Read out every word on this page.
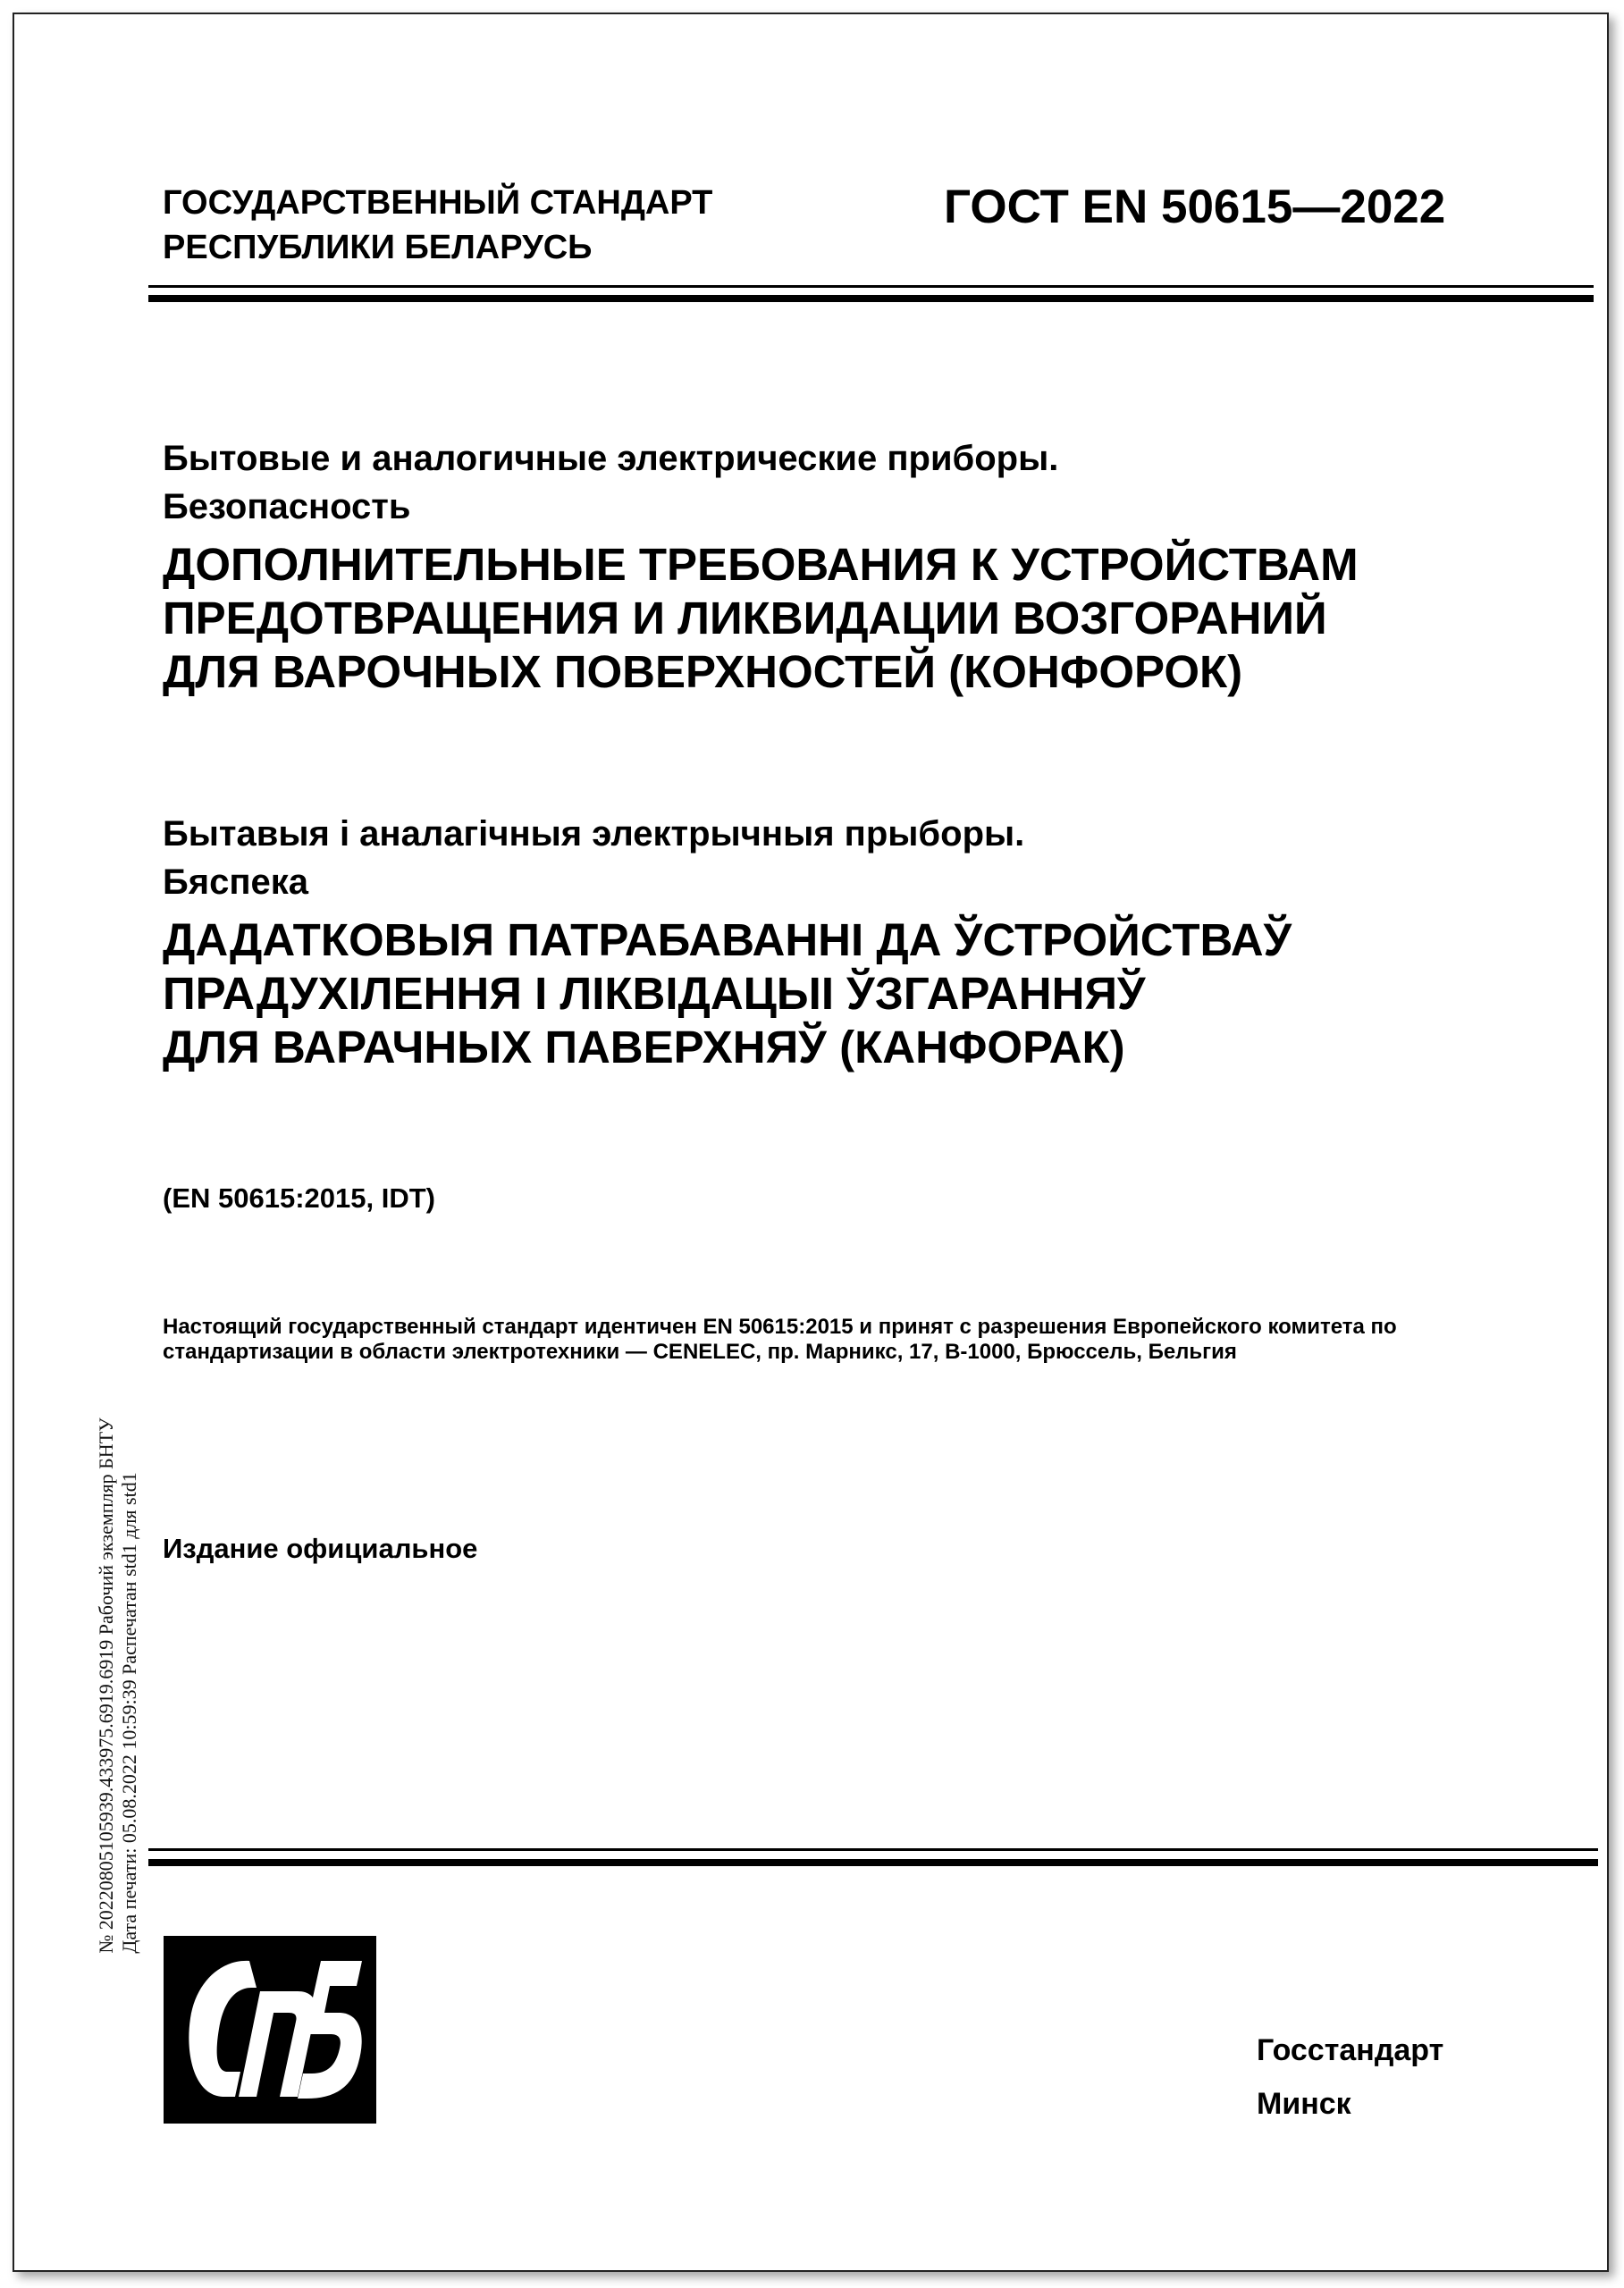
ГОСУДАРСТВЕННЫЙ СТАНДАРТ
РЕСПУБЛИКИ БЕЛАРУСЬ
ГОСТ EN 50615—2022
Бытовые и аналогичные электрические приборы.
Безопасность
ДОПОЛНИТЕЛЬНЫЕ ТРЕБОВАНИЯ К УСТРОЙСТВАМ
ПРЕДОТВРАЩЕНИЯ И ЛИКВИДАЦИИ ВОЗГОРАНИЙ
ДЛЯ ВАРОЧНЫХ ПОВЕРХНОСТЕЙ (КОНФОРОК)
Бытавыя і аналагічныя электрычныя прыборы.
Бяспека
ДАДАТКОВЫЯ ПАТРАБАВАННІ ДА ЎСТРОЙСТВАЎ
ПРАДУХІЛЕННЯ І ЛІКВІДАЦЫІ ЎЗГАРАННЯЎ
ДЛЯ ВАРАЧНЫХ ПАВЕРХНЯЎ (КАНФОРАК)
(EN 50615:2015, IDT)
Настоящий государственный стандарт идентичен EN 50615:2015 и принят с разрешения Европейского комитета по стандартизации в области электротехники — CENELEC, пр. Марникс, 17, B-1000, Брюссель, Бельгия
Издание официальное
№ 20220805105939.433975.6919.6919 Рабочий экземпляр БНТУ Дата печати: 05.08.2022 10:59:39 Распечатан std1 для std1
Госстандарт
Минск
